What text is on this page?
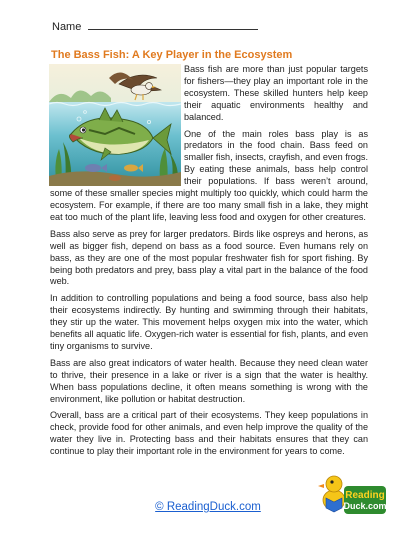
Name
The Bass Fish: A Key Player in the Ecosystem

Bass fish are more than just popular targets for fishers—they play an important role in the ecosystem. These skilled hunters help keep their aquatic environments healthy and balanced.

One of the main roles bass play is as predators in the food chain. Bass feed on smaller fish, insects, crayfish, and even frogs. By eating these animals, bass help control their populations. If bass weren’t around, some of these smaller species might multiply too quickly, which could harm the ecosystem. For example, if there are too many small fish in a lake, they might eat too much of the plant life, leaving less food and oxygen for other creatures.

Bass also serve as prey for larger predators. Birds like ospreys and herons, as well as bigger fish, depend on bass as a food source. Even humans rely on bass, as they are one of the most popular freshwater fish for sport fishing. By being both predators and prey, bass play a vital part in the balance of the food web.

In addition to controlling populations and being a food source, bass also help their ecosystems indirectly. By hunting and swimming through their habitats, they stir up the water. This movement helps oxygen mix into the water, which benefits all aquatic life. Oxygen-rich water is essential for fish, plants, and even tiny organisms to survive.

Bass are also great indicators of water health. Because they need clean water to thrive, their presence in a lake or river is a sign that the water is healthy. When bass populations decline, it often means something is wrong with the environment, like pollution or habitat destruction.

Overall, bass are a critical part of their ecosystems. They keep populations in check, provide food for other animals, and even help improve the quality of the water they live in. Protecting bass and their habitats ensures that they can continue to play their important role in the environment for years to come.

© ReadingDuck.com
Reading
Duck.com
